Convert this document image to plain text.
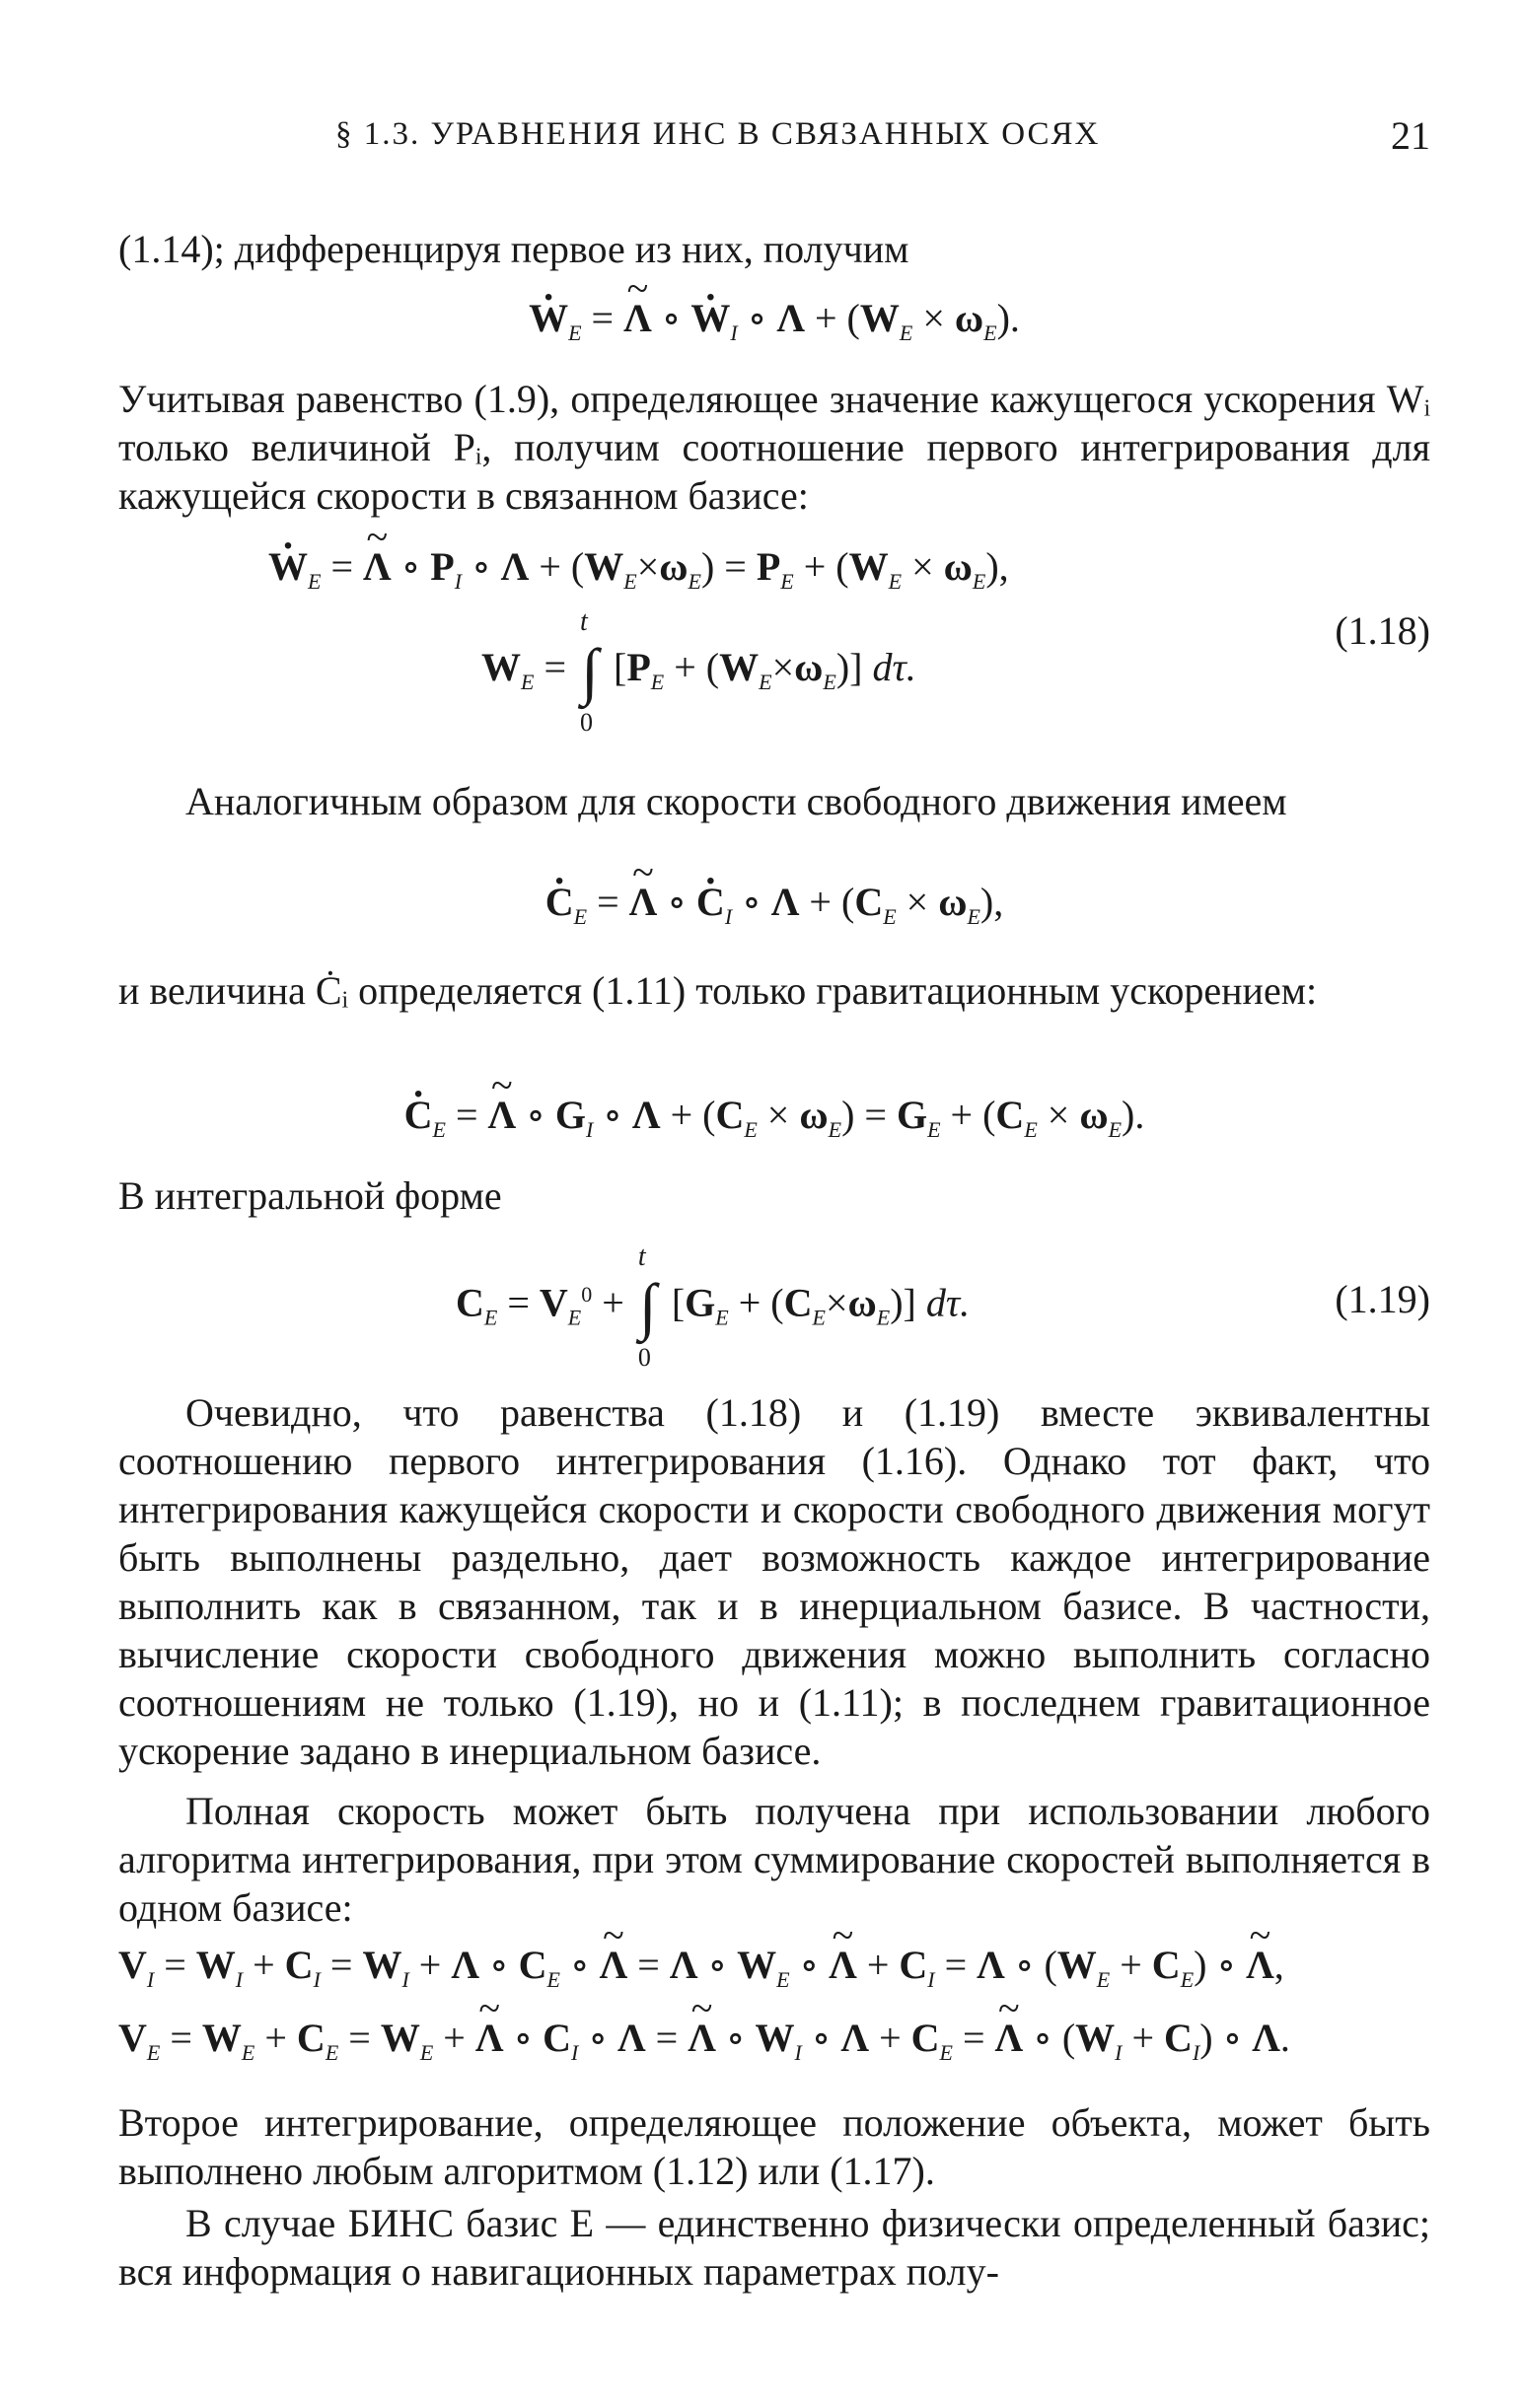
§ 1.3. УРАВНЕНИЯ ИНС В СВЯЗАННЫХ ОСЯХ	21
(1.14); дифференцируя первое из них, получим
. $W_E$ = ~ Λ ∘ . $W_I$ ∘ $\Lambda + (W_E \times \omega_E)$.
Учитывая равенство (1.9), определяющее значение кажущегося ускорения Wᵢ только величиной Pᵢ, получим соотношение первого интегрирования для кажущейся скорости в связанном базисе:
. $W_E$ = ~ Λ ∘ $P_I$ ∘ $\Lambda + (W_E\times\omega_E) = P_E + (W_E \times \omega_E)$,
$W_E$ =
t
∫
0
$[P_E + (W_E\times\omega_E)]$ dτ.
(1.18)
Аналогичным образом для скорости свободного движения имеем
. $C_E$ = ~ Λ ∘ . $C_I$ ∘ $\Lambda + (C_E \times \omega_E)$,
и величина Ċᵢ определяется (1.11) только гравитационным ускорением:
. $C_E$ = ~ Λ ∘ $G_I$ ∘ $\Lambda + (C_E \times \omega_E) = G_E + (C_E \times \omega_E)$.
В интегральной форме
$C_E = V_E^0$ +
t
∫
0
$[G_E + (C_E\times\omega_E)]$ dτ.	(1.19)
Очевидно, что равенства (1.18) и (1.19) вместе эквивалентны соотношению первого интегрирования (1.16). Однако тот факт, что интегрирования кажущейся скорости и скорости свободного движения могут быть выполнены раздельно, дает возможность каждое интегрирование выполнить как в связанном, так и в инерциальном базисе. В частности, вычисление скорости свободного движения можно выполнить согласно соотношениям не только (1.19), но и (1.11); в последнем гравитационное ускорение задано в инерциальном базисе.
Полная скорость может быть получена при использовании любого алгоритма интегрирования, при этом суммирование скоростей выполняется в одном базисе:
$V_I = W_I + C_I = W_I + \Lambda$ ∘ $C_E$ ∘ ~ Λ = Λ ∘ $W_E$ ∘ ~ $\Lambda + C_I = \Lambda$ ∘ $(W_E + C_E)$ ∘ ~ Λ,
$V_E = W_E + C_E = W_E$ + ~ Λ ∘ $C_I$ ∘ Λ = ~ Λ ∘ $W_I$ ∘ $\Lambda + C_E$ = ~ Λ ∘ $(W_I + C_I)$ ∘ Λ.
Второе интегрирование, определяющее положение объекта, может быть выполнено любым алгоритмом (1.12) или (1.17).
В случае БИНС базис E — единственно физически определенный базис; вся информация о навигационных параметрах полу-
